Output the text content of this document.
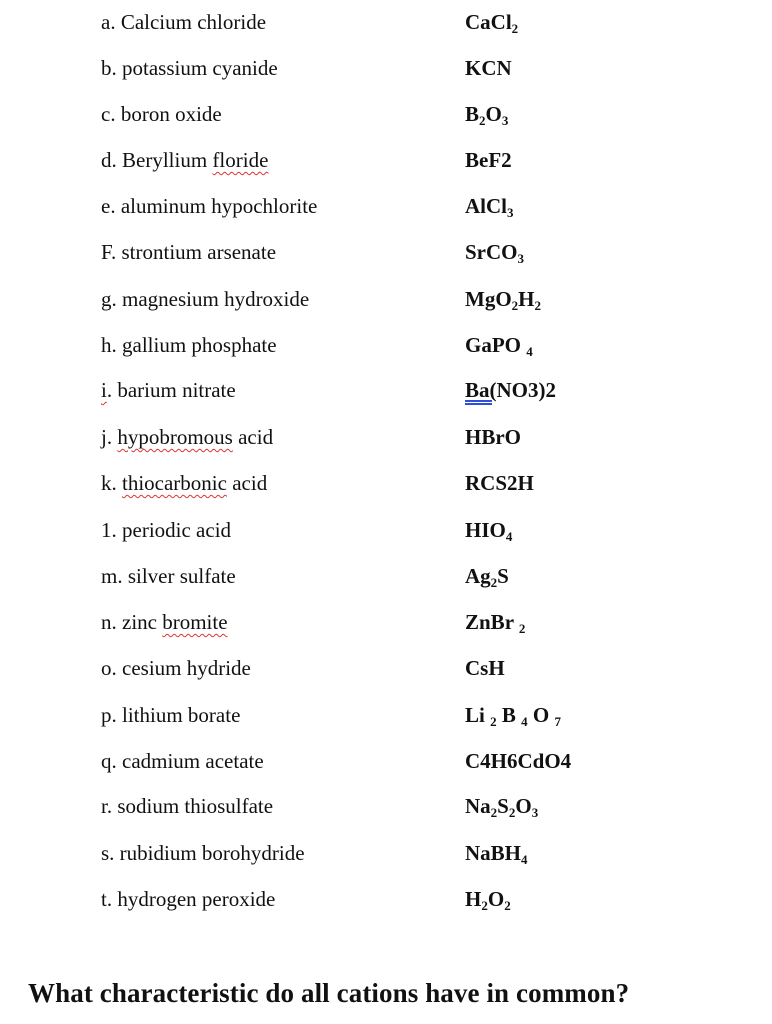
a. Calcium chloride	CaCl$_2$
b. potassium cyanide	KCN
c. boron oxide	$B_2O_3$
d. Beryllium floride	BeF2
e. aluminum hypochlorite	AlCl$_3$
F. strontium arsenate	SrCO$_3$
g. magnesium hydroxide	$MgO_2H_2$
h. gallium phosphate	GaPO $_4$
i. barium nitrate	Ba(NO3)2
j. hypobromous acid	HBrO
k. thiocarbonic acid	RCS2H
1. periodic acid	$HIO_4$
m. silver sulfate	$Ag_2S$
n. zinc bromite	ZnBr $_2$
o. cesium hydride	CsH
p. lithium borate	Li $_2$ B $_4$ O $_7$
q. cadmium acetate	C4H6CdO4
r. sodium thiosulfate	$Na_2S_2O_3$
s. rubidium borohydride	NaBH$_4$
t. hydrogen peroxide	$H_2O_2$
What characteristic do all cations have in common?
